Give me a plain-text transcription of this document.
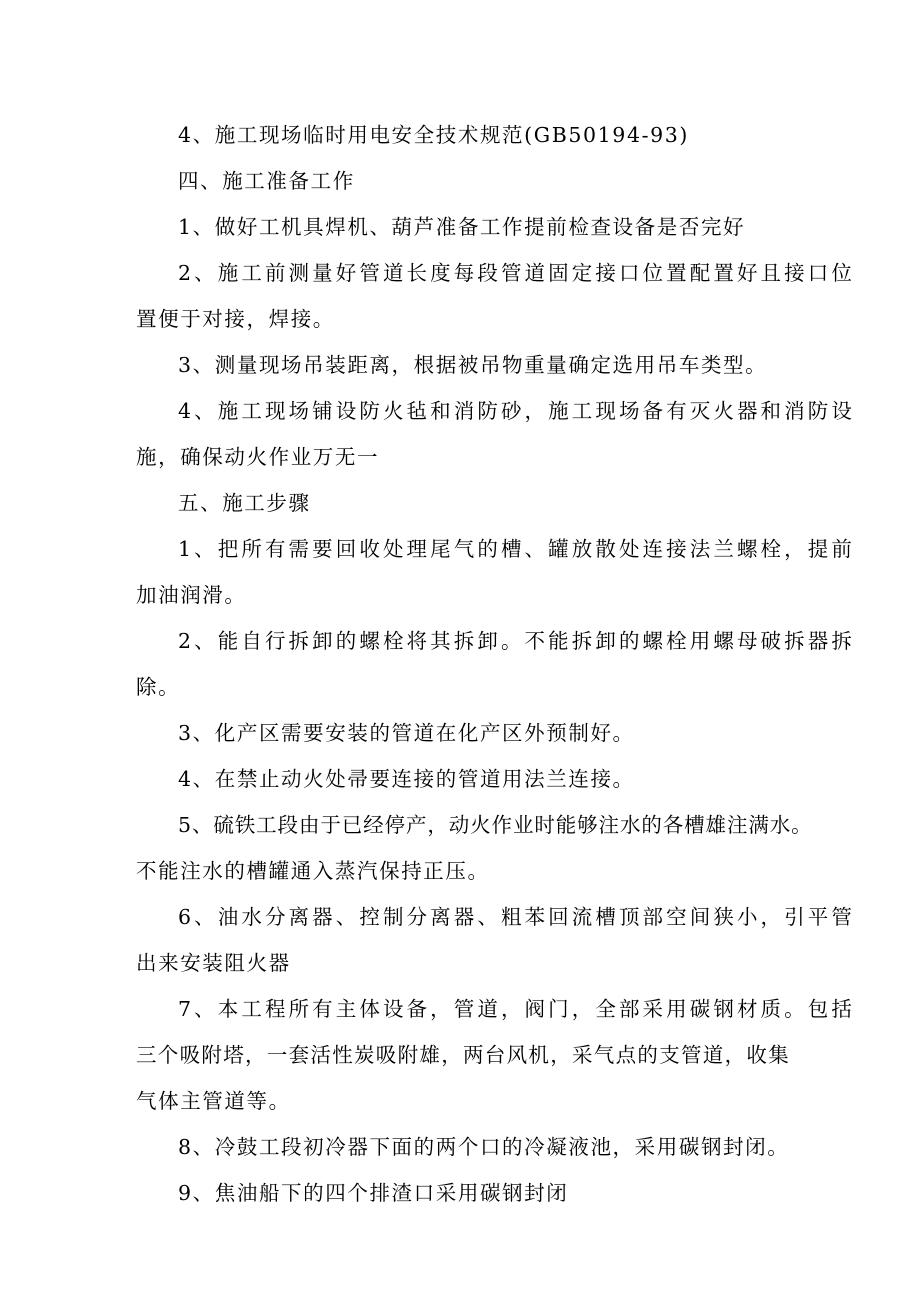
4、施工现场临时用电安全技术规范(GB50194-93)
四、施工准备工作
1、做好工机具焊机、葫芦准备工作提前检查设备是否完好
2、施工前测量好管道长度每段管道固定接口位置配置好且接口位
置便于对接，焊接。
3、测量现场吊装距离，根据被吊物重量确定选用吊车类型。
4、施工现场铺设防火毡和消防砂，施工现场备有灭火器和消防设
施，确保动火作业万无一
五、施工步骤
1、把所有需要回收处理尾气的槽、罐放散处连接法兰螺栓，提前
加油润滑。
2、能自行拆卸的螺栓将其拆卸。不能拆卸的螺栓用螺母破拆器拆
除。
3、化产区需要安装的管道在化产区外预制好。
4、在禁止动火处帚要连接的管道用法兰连接。
5、硫铁工段由于已经停产，动火作业时能够注水的各槽雄注满水。
不能注水的槽罐通入蒸汽保持正压。
6、油水分离器、控制分离器、粗苯回流槽顶部空间狭小，引平管
出来安装阻火器
7、本工程所有主体设备，管道，阀门，全部采用碳钢材质。包括
三个吸附塔，一套活性炭吸附雄，两台风机，采气点的支管道，收集
气体主管道等。
8、冷鼓工段初冷器下面的两个口的冷凝液池，采用碳钢封闭。
9、焦油船下的四个排渣口采用碳钢封闭
